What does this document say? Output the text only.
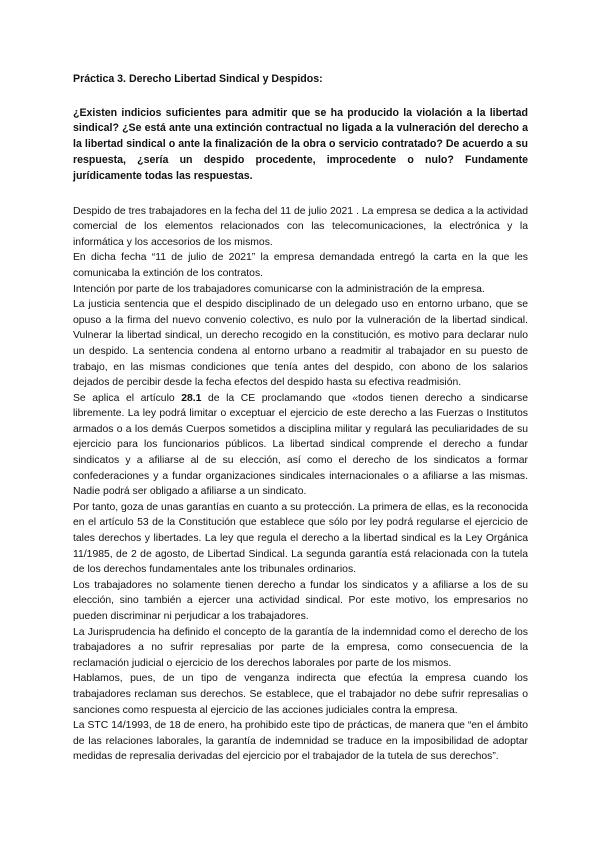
Práctica 3. Derecho Libertad Sindical y Despidos:

¿Existen indicios suficientes para admitir que se ha producido la violación a la libertad sindical? ¿Se está ante una extinción contractual no ligada a la vulneración del derecho a la libertad sindical o ante la finalización de la obra o servicio contratado? De acuerdo a su respuesta, ¿sería un despido procedente, improcedente o nulo? Fundamente jurídicamente todas las respuestas.

Despido de tres trabajadores en la fecha del 11 de julio 2021 . La empresa se dedica a la actividad comercial de los elementos relacionados con las telecomunicaciones, la electrónica y la informática y los accesorios de los mismos.

En dicha fecha “11 de julio de 2021” la empresa demandada entregó la carta en la que les comunicaba la extinción de los contratos.

Intención por parte de los trabajadores comunicarse con la administración de la empresa.

La justicia sentencia que el despido disciplinado de un delegado uso en entorno urbano, que se opuso a la firma del nuevo convenio colectivo, es nulo por la vulneración de la libertad sindical. Vulnerar la libertad sindical, un derecho recogido en la constitución, es motivo para declarar nulo un despido. La sentencia condena al entorno urbano a readmitir al trabajador en su puesto de trabajo, en las mismas condiciones que tenía antes del despido, con abono de los salarios dejados de percibir desde la fecha efectos del despido hasta su efectiva readmisión.

Se aplica el artículo 28.1 de la CE proclamando que «todos tienen derecho a sindicarse libremente. La ley podrá limitar o exceptuar el ejercicio de este derecho a las Fuerzas o Institutos armados o a los demás Cuerpos sometidos a disciplina militar y regulará las peculiaridades de su ejercicio para los funcionarios públicos. La libertad sindical comprende el derecho a fundar sindicatos y a afiliarse al de su elección, así como el derecho de los sindicatos a formar confederaciones y a fundar organizaciones sindicales internacionales o a afiliarse a las mismas. Nadie podrá ser obligado a afiliarse a un sindicato.

Por tanto, goza de unas garantías en cuanto a su protección. La primera de ellas, es la reconocida en el artículo 53 de la Constitución que establece que sólo por ley podrá regularse el ejercicio de tales derechos y libertades. La ley que regula el derecho a la libertad sindical es la Ley Orgánica 11/1985, de 2 de agosto, de Libertad Sindical. La segunda garantía está relacionada con la tutela de los derechos fundamentales ante los tribunales ordinarios.

Los trabajadores no solamente tienen derecho a fundar los sindicatos y a afiliarse a los de su elección, sino también a ejercer una actividad sindical. Por este motivo, los empresarios no pueden discriminar ni perjudicar a los trabajadores.

La Jurisprudencia ha definido el concepto de la garantía de la indemnidad como el derecho de los trabajadores a no sufrir represalias por parte de la empresa, como consecuencia de la reclamación judicial o ejercicio de los derechos laborales por parte de los mismos.

Hablamos, pues, de un tipo de venganza indirecta que efectúa la empresa cuando los trabajadores reclaman sus derechos. Se establece, que el trabajador no debe sufrir represalias o sanciones como respuesta al ejercicio de las acciones judiciales contra la empresa.

La STC 14/1993, de 18 de enero, ha prohibido este tipo de prácticas, de manera que “en el ámbito de las relaciones laborales, la garantía de indemnidad se traduce en la imposibilidad de adoptar medidas de represalia derivadas del ejercicio por el trabajador de la tutela de sus derechos”.
